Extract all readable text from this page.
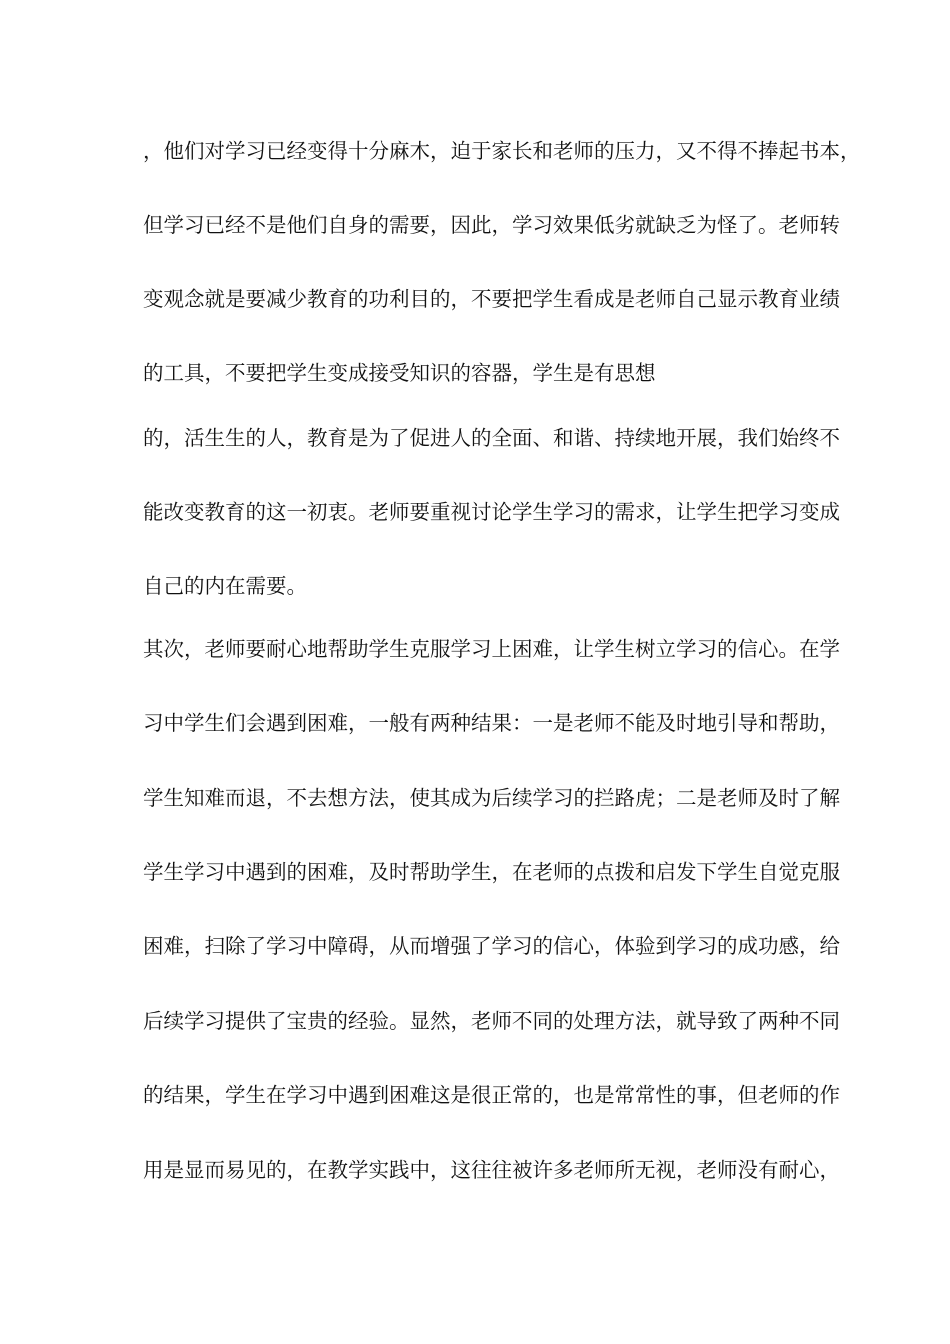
，他们对学习已经变得十分麻木，迫于家长和老师的压力，又不得不捧起书本，

但学习已经不是他们自身的需要，因此，学习效果低劣就缺乏为怪了。老师转

变观念就是要减少教育的功利目的，不要把学生看成是老师自己显示教育业绩

的工具，不要把学生变成接受知识的容器，学生是有思想

的，活生生的人，教育是为了促进人的全面、和谐、持续地开展，我们始终不

能改变教育的这一初衷。老师要重视讨论学生学习的需求，让学生把学习变成

自己的内在需要。

其次，老师要耐心地帮助学生克服学习上困难，让学生树立学习的信心。在学

习中学生们会遇到困难，一般有两种结果：一是老师不能及时地引导和帮助，

学生知难而退，不去想方法，使其成为后续学习的拦路虎；二是老师及时了解

学生学习中遇到的困难，及时帮助学生，在老师的点拨和启发下学生自觉克服

困难，扫除了学习中障碍，从而增强了学习的信心，体验到学习的成功感，给

后续学习提供了宝贵的经验。显然，老师不同的处理方法，就导致了两种不同

的结果，学生在学习中遇到困难这是很正常的，也是常常性的事，但老师的作

用是显而易见的，在教学实践中，这往往被许多老师所无视，老师没有耐心，
